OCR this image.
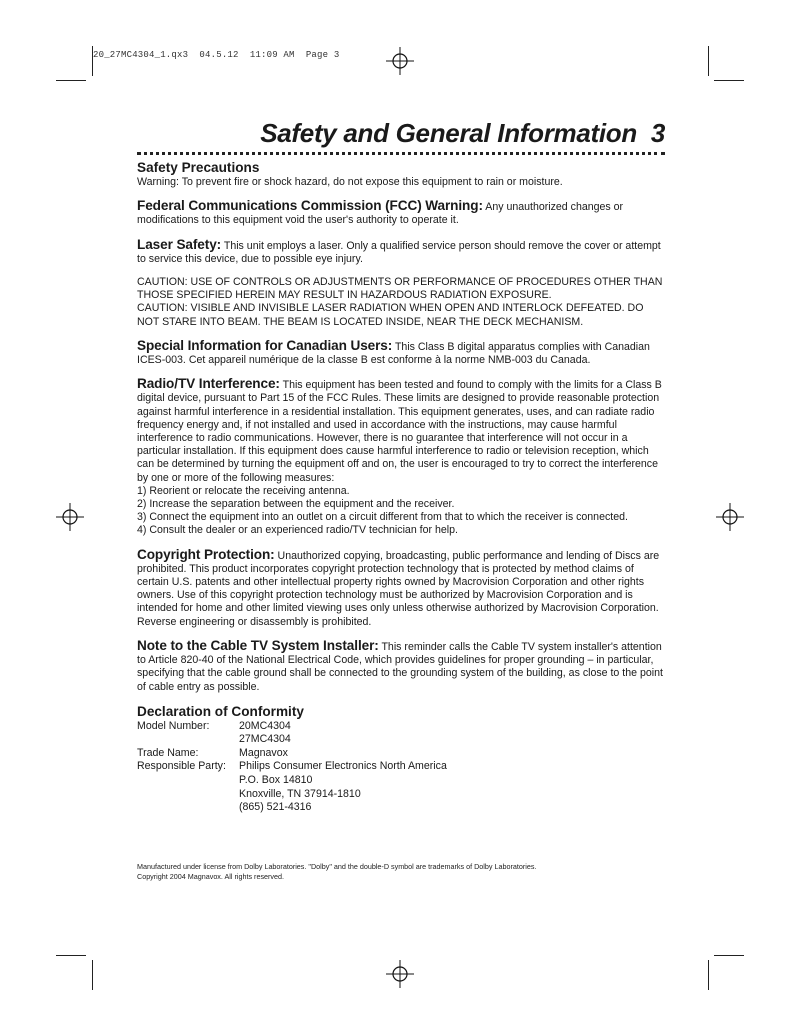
20_27MC4304_1.qx3  04.5.12  11:09 AM  Page 3
Safety and General Information 3
Safety Precautions
Warning: To prevent fire or shock hazard, do not expose this equipment to rain or moisture.
Federal Communications Commission (FCC) Warning: Any unauthorized changes or modifications to this equipment void the user's authority to operate it.
Laser Safety: This unit employs a laser. Only a qualified service person should remove the cover or attempt to service this device, due to possible eye injury.

CAUTION: USE OF CONTROLS OR ADJUSTMENTS OR PERFORMANCE OF PROCEDURES OTHER THAN THOSE SPECIFIED HEREIN MAY RESULT IN HAZARDOUS RADIATION EXPOSURE.

CAUTION: VISIBLE AND INVISIBLE LASER RADIATION WHEN OPEN AND INTERLOCK DEFEATED. DO NOT STARE INTO BEAM. THE BEAM IS LOCATED INSIDE, NEAR THE DECK MECHANISM.

Special Information for Canadian Users: This Class B digital apparatus complies with Canadian ICES-003. Cet appareil numérique de la classe B est conforme à la norme NMB-003 du Canada.
Radio/TV Interference: This equipment has been tested and found to comply with the limits for a Class B digital device, pursuant to Part 15 of the FCC Rules. These limits are designed to provide reasonable protection against harmful interference in a residential installation. This equipment generates, uses, and can radiate radio frequency energy and, if not installed and used in accordance with the instructions, may cause harmful interference to radio communications. However, there is no guarantee that interference will not occur in a particular installation. If this equipment does cause harmful interference to radio or television reception, which can be determined by turning the equipment off and on, the user is encouraged to try to correct the interference by one or more of the following measures:
1) Reorient or relocate the receiving antenna.
2) Increase the separation between the equipment and the receiver.
3) Connect the equipment into an outlet on a circuit different from that to which the receiver is connected.
4) Consult the dealer or an experienced radio/TV technician for help.
Copyright Protection: Unauthorized copying, broadcasting, public performance and lending of Discs are prohibited. This product incorporates copyright protection technology that is protected by method claims of certain U.S. patents and other intellectual property rights owned by Macrovision Corporation and other rights owners. Use of this copyright protection technology must be authorized by Macrovision Corporation and is intended for home and other limited viewing uses only unless otherwise authorized by Macrovision Corporation. Reverse engineering or disassembly is prohibited.
Note to the Cable TV System Installer: This reminder calls the Cable TV system installer's attention to Article 820-40 of the National Electrical Code, which provides guidelines for proper grounding – in particular, specifying that the cable ground shall be connected to the grounding system of the building, as close to the point of cable entry as possible.
Declaration of Conformity
Model Number:	20MC4304
27MC4304
Trade Name:	Magnavox
Responsible Party:	Philips Consumer Electronics North America
P.O. Box 14810
Knoxville, TN 37914-1810
(865) 521-4316

Manufactured under license from Dolby Laboratories. "Dolby" and the double-D symbol are trademarks of Dolby Laboratories.

Copyright 2004 Magnavox. All rights reserved.
